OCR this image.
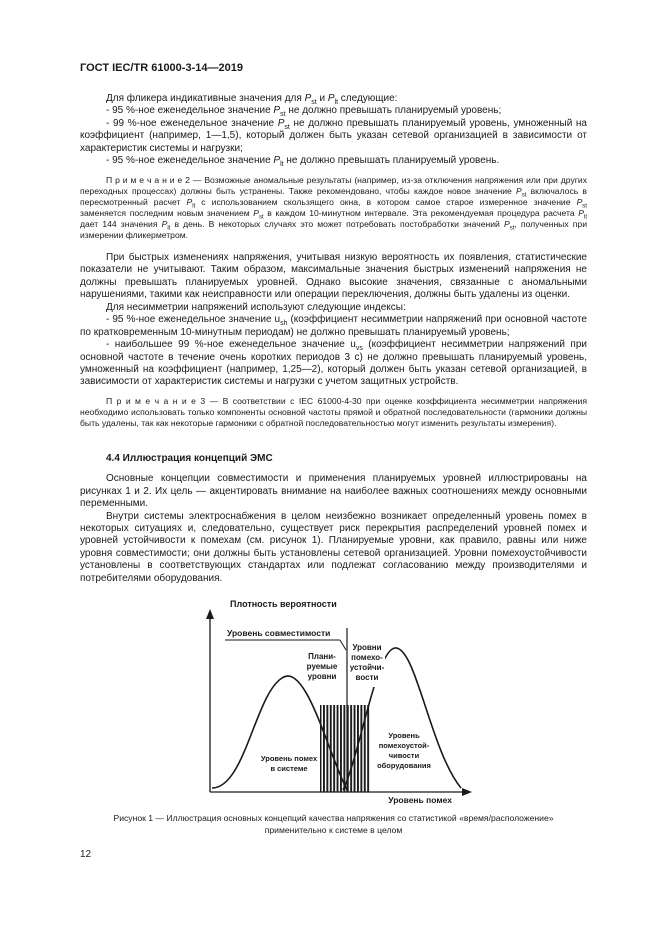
ГОСТ IEC/TR 61000-3-14—2019

Для фликера индикативные значения для $P_{st}$ и $P_{lt}$ следующие:

- 95 %-ное еженедельное значение $P_{st}$ не должно превышать планируемый уровень;

- 99 %-ное еженедельное значение $P_{st}$ не должно превышать планируемый уровень, умноженный на коэффициент (например, 1—1,5), который должен быть указан сетевой организацией в зависимости от характеристик системы и нагрузки;

- 95 %-ное еженедельное значение $P_{lt}$ не должно превышать планируемый уровень.

П р и м е ч а н и е 2 — Возможные аномальные результаты (например, из-за отключения напряжения или при других переходных процессах) должны быть устранены. Также рекомендовано, чтобы каждое новое значение $P_{st}$ включалось в пересмотренный расчет $P_{lt}$ с использованием скользящего окна, в котором самое старое измеренное значение $P_{st}$ заменяется последним новым значением $P_{st}$ в каждом 10-минутном интервале. Эта рекомендуемая процедура расчета $P_{lt}$ дает 144 значения $P_{lt}$ в день. В некоторых случаях это может потребовать постобработки значений $P_{st}$, полученных при измерении фликерметром.

При быстрых изменениях напряжения, учитывая низкую вероятность их появления, статистические показатели не учитывают. Таким образом, максимальные значения быстрых изменений напряжения не должны превышать планируемых уровней. Однако высокие значения, связанные с аномальными нарушениями, такими как неисправности или операции переключения, должны быть удалены из оценки.

Для несимметрии напряжений используют следующие индексы:

- 95 %-ное еженедельное значение $u_{sh}$ (коэффициент несимметрии напряжений при основной частоте по кратковременным 10-минутным периодам) не должно превышать планируемый уровень;

- наибольшее 99 %-ное еженедельное значение $u_{vs}$ (коэффициент несимметрии напряжений при основной частоте в течение очень коротких периодов 3 с) не должно превышать планируемый уровень, умноженный на коэффициент (например, 1,25—2), который должен быть указан сетевой организацией, в зависимости от характеристик системы и нагрузки с учетом защитных устройств.

П р и м е ч а н и е 3 — В соответствии с IEC 61000-4-30 при оценке коэффициента несимметрии напряжения необходимо использовать только компоненты основной частоты прямой и обратной последовательности (гармоники должны быть удалены, так как некоторые гармоники с обратной последовательностью могут изменить результаты измерения).

4.4 Иллюстрация концепций ЭМС

Основные концепции совместимости и применения планируемых уровней иллюстрированы на рисунках 1 и 2. Их цель — акцентировать внимание на наиболее важных соотношениях между основными переменными.

Внутри системы электроснабжения в целом неизбежно возникает определенный уровень помех в некоторых ситуациях и, следовательно, существует риск перекрытия распределений уровней помех и уровней устойчивости к помехам (см. рисунок 1). Планируемые уровни, как правило, равны или ниже уровня совместимости; они должны быть установлены сетевой организацией. Уровни помехоустойчивости установлены в соответствующих стандартах или подлежат согласованию между производителями и потребителями оборудования.

Плотность вероятности
Уровень помех
Уровень совместимости
Плани-
руемые
уровни
Уровни
помехо-
устойчи-
вости
Уровень помех
в системе
Уровень
помехоустой-
чивости
оборудования
Рисунок 1 — Иллюстрация основных концепций качества напряжения со статистикой «время/расположение»
применительно к системе в целом
12
